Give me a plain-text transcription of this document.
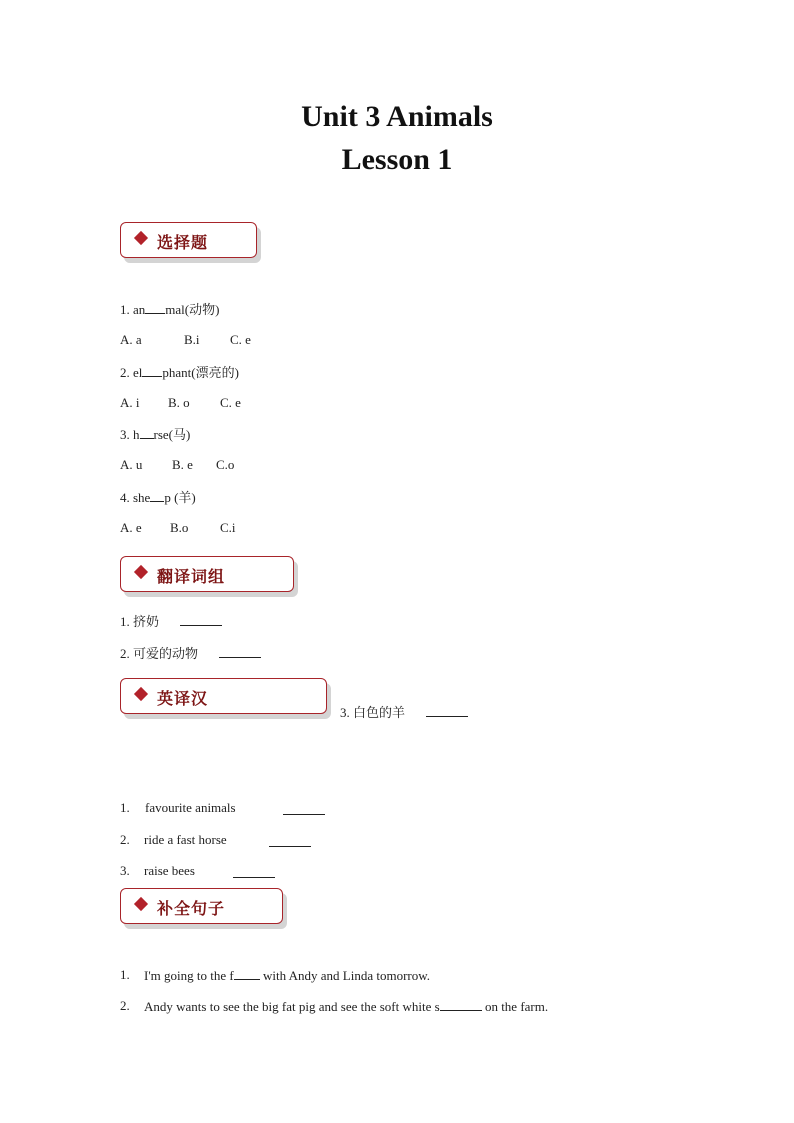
Unit 3 Animals
Lesson 1
选择题
1. an mal(动物)
A. a	B.i C. e
2. el phant(漂亮的)
A. i B. o C. e
3. h rse(马)
A. u B. e C.o
4. she p (羊)
A. e B.o C.i
翻译词组
1. 挤奶
2. 可爱的动物
英译汉
3. 白色的羊
1. favourite animals
2. ride a fast horse
3. raise bees
补全句子
1. I'm going to the f with Andy and Linda tomorrow.
2. Andy wants to see the big fat pig and see the soft white s	on the farm.
